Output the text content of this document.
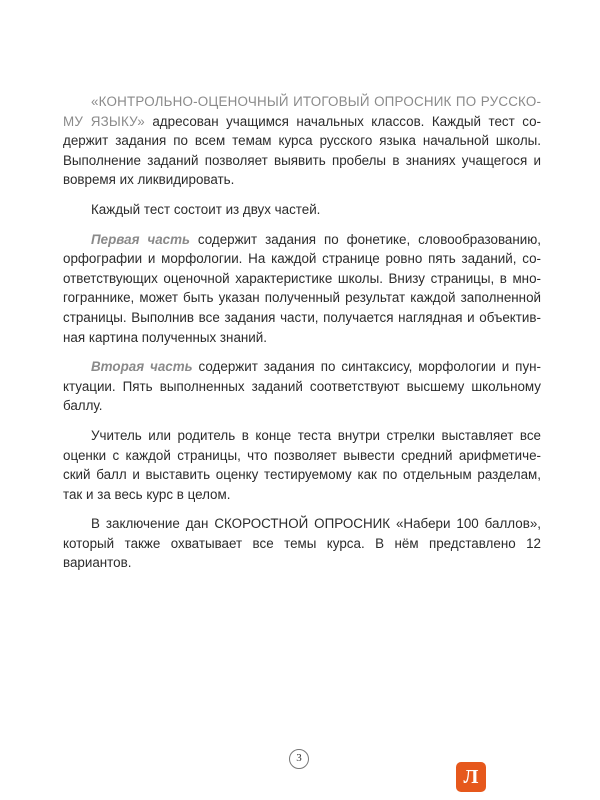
«КОНТРОЛЬНО-ОЦЕНОЧНЫЙ ИТОГОВЫЙ ОПРОСНИК ПО РУССКОМУ ЯЗЫКУ» адресован учащимся начальных классов. Каждый тест содержит задания по всем темам курса русского языка начальной школы. Выполнение заданий позволяет выявить пробелы в знаниях учащегося и вовремя их ликвидировать.

Каждый тест состоит из двух частей.

Первая часть содержит задания по фонетике, словообразованию, орфографии и морфологии. На каждой странице ровно пять заданий, соответствующих оценочной характеристике школы. Внизу страницы, в многограннике, может быть указан полученный результат каждой заполненной страницы. Выполнив все задания части, получается наглядная и объективная картина полученных знаний.

Вторая часть содержит задания по синтаксису, морфологии и пунктуации. Пять выполненных заданий соответствуют высшему школьному баллу.

Учитель или родитель в конце теста внутри стрелки выставляет все оценки с каждой страницы, что позволяет вывести средний арифметический балл и выставить оценку тестируемому как по отдельным разделам, так и за весь курс в целом.

В заключение дан СКОРОСТНОЙ ОПРОСНИК «Набери 100 баллов», который также охватывает все темы курса. В нём представлено 12 вариантов.

3
Л
